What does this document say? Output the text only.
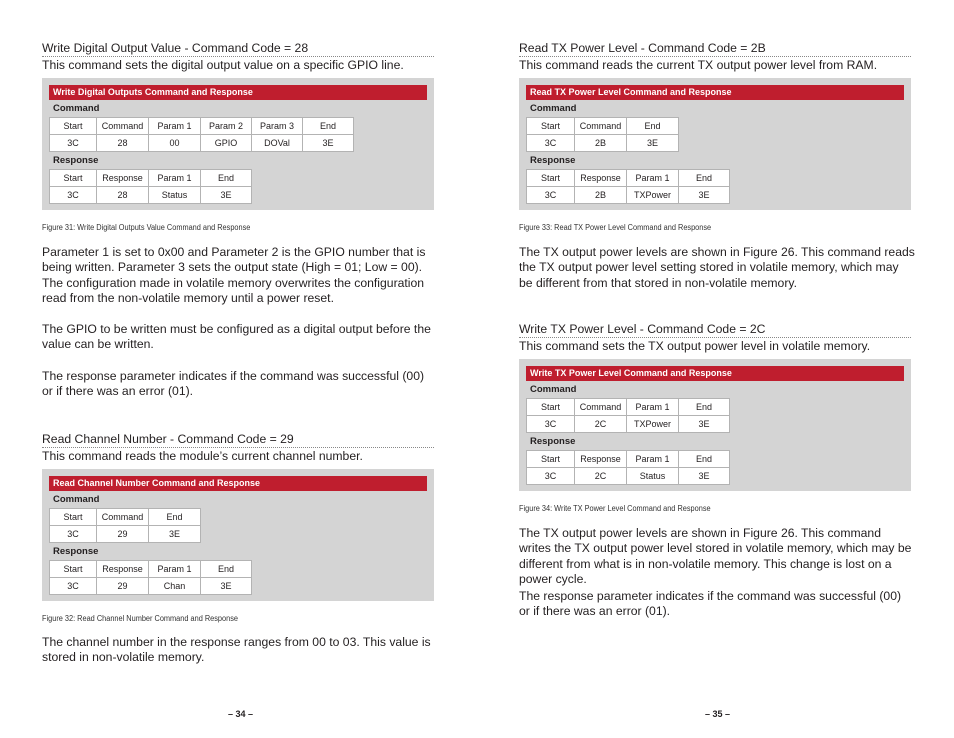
Write Digital Output Value - Command Code = 28
This command sets the digital output value on a specific GPIO line.
Write Digital Outputs Command and Response
Command
Start	Command	Param 1	Param 2	Param 3	End
3C	28	00	GPIO	DOVal	3E
Response
Start	Response	Param 1	End
3C	28	Status	3E
Figure 31: Write Digital Outputs Value Command and Response
Parameter 1 is set to 0x00 and Parameter 2 is the GPIO number that is being written. Parameter 3 sets the output state (High = 01; Low = 00). The configuration made in volatile memory overwrites the configuration read from the non-volatile memory until a power reset.
The GPIO to be written must be configured as a digital output before the value can be written.
The response parameter indicates if the command was successful (00) or if there was an error (01).
Read Channel Number - Command Code = 29
This command reads the module’s current channel number.
Read Channel Number Command and Response
Command
Start	Command	End
3C	29	3E
Response
Start	Response	Param 1	End
3C	29	Chan	3E
Figure 32: Read Channel Number Command and Response
The channel number in the response ranges from 00 to 03. This value is stored in non-volatile memory.
– 34 –
Read TX Power Level - Command Code = 2B
This command reads the current TX output power level from RAM.
Read TX Power Level Command and Response
Command
Start	Command	End
3C	2B	3E
Response
Start	Response	Param 1	End
3C	2B	TXPower	3E
Figure 33: Read TX Power Level Command and Response
The TX output power levels are shown in Figure 26. This command reads the TX output power level setting stored in volatile memory, which may be different from that stored in non-volatile memory.
Write TX Power Level - Command Code = 2C
This command sets the TX output power level in volatile memory.
Write TX Power Level Command and Response
Command
Start	Command	Param 1	End
3C	2C	TXPower	3E
Response
Start	Response	Param 1	End
3C	2C	Status	3E
Figure 34: Write TX Power Level Command and Response
The TX output power levels are shown in Figure 26. This command writes the TX output power level stored in volatile memory, which may be different from what is in non-volatile memory. This change is lost on a power cycle.
The response parameter indicates if the command was successful (00) or if there was an error (01).
– 35 –
